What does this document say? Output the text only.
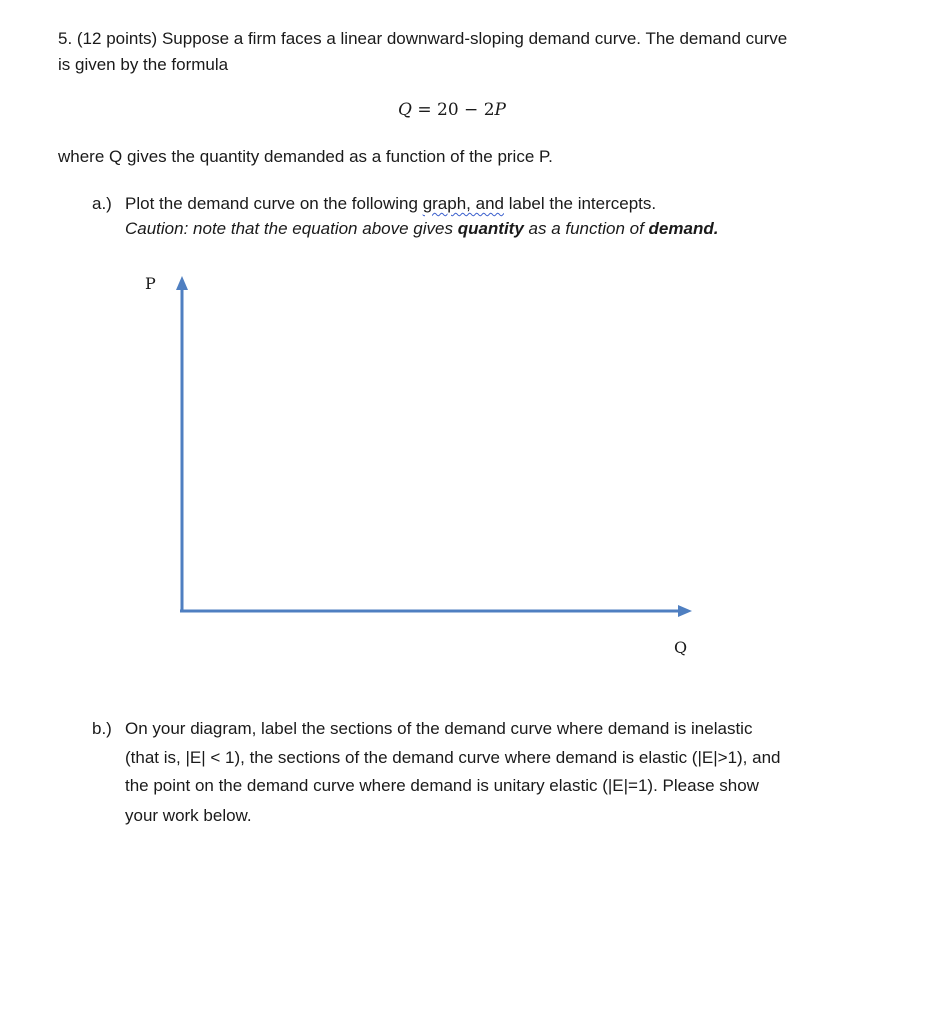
5. (12 points) Suppose a firm faces a linear downward-sloping demand curve. The demand curve
is given by the formula
Q = 20 − 2P
where Q gives the quantity demanded as a function of the price P.
a.) Plot the demand curve on the following graph, and label the intercepts.
Caution: note that the equation above gives quantity as a function of demand.
P
Q
b.) On your diagram, label the sections of the demand curve where demand is inelastic
(that is, |E| < 1), the sections of the demand curve where demand is elastic (|E|>1), and
the point on the demand curve where demand is unitary elastic (|E|=1). Please show
your work below.
